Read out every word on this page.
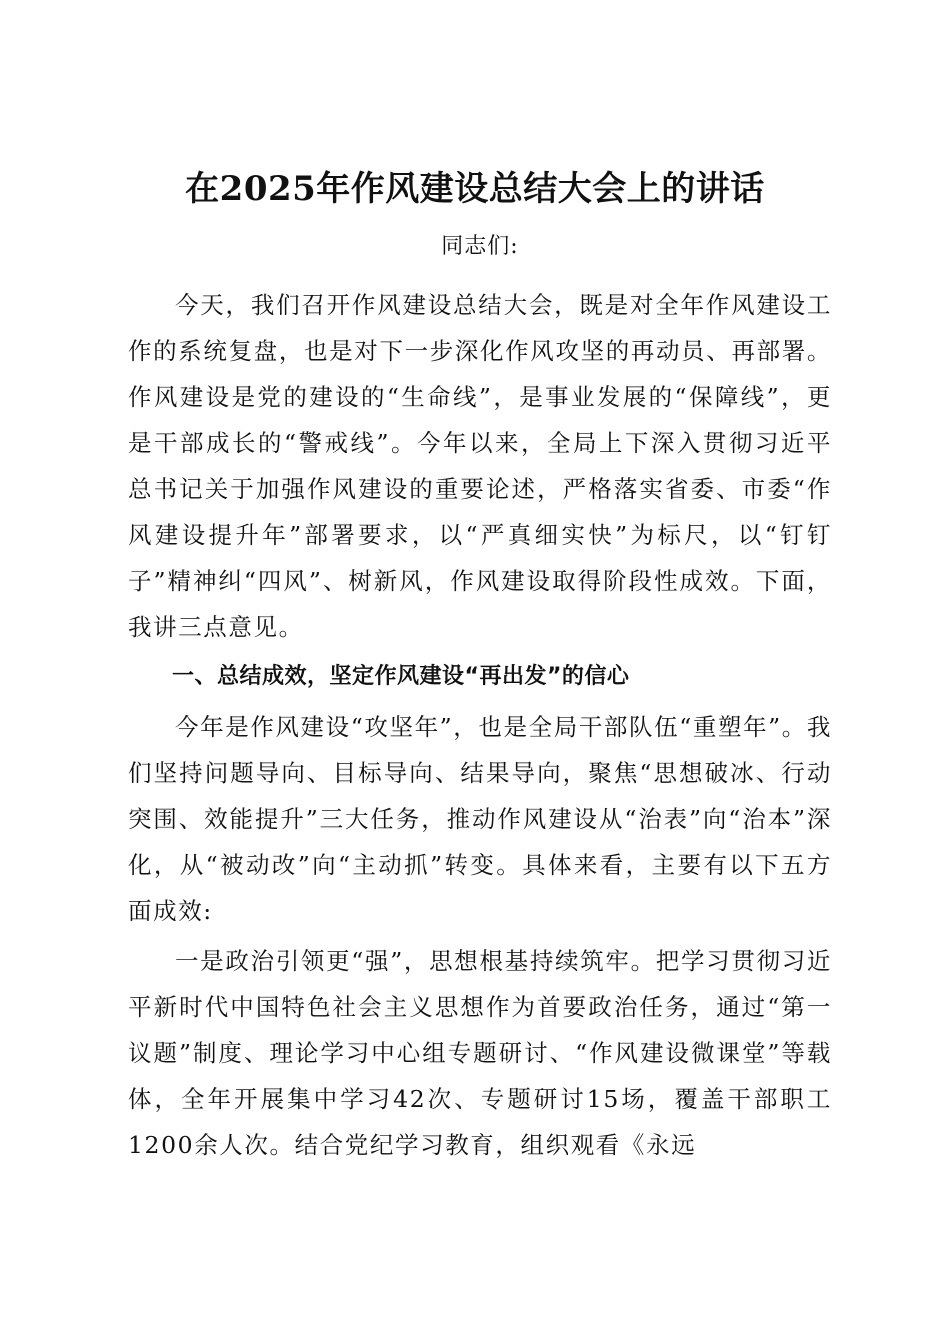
在2025年作风建设总结大会上的讲话
同志们:

今天，我们召开作风建设总结大会，既是对全年作风建设工作的系统复盘，也是对下一步深化作风攻坚的再动员、再部署。作风建设是党的建设的“生命线”，是事业发展的“保障线”，更是干部成长的“警戒线”。今年以来，全局上下深入贯彻习近平总书记关于加强作风建设的重要论述，严格落实省委、市委“作风建设提升年”部署要求，以“严真细实快”为标尺，以“钉钉子”精神纠“四风”、树新风，作风建设取得阶段性成效。下面，我讲三点意见。

一、总结成效，坚定作风建设“再出发”的信心

今年是作风建设“攻坚年”，也是全局干部队伍“重塑年”。我们坚持问题导向、目标导向、结果导向，聚焦“思想破冰、行动突围、效能提升”三大任务，推动作风建设从“治表”向“治本”深化，从“被动改”向“主动抓”转变。具体来看，主要有以下五方面成效:

一是政治引领更“强”，思想根基持续筑牢。把学习贯彻习近平新时代中国特色社会主义思想作为首要政治任务，通过“第一议题”制度、理论学习中心组专题研讨、“作风建设微课堂”等载体，全年开展集中学习42次、专题研讨15场，覆盖干部职工1200余人次。结合党纪学习教育，组织观看《永远
